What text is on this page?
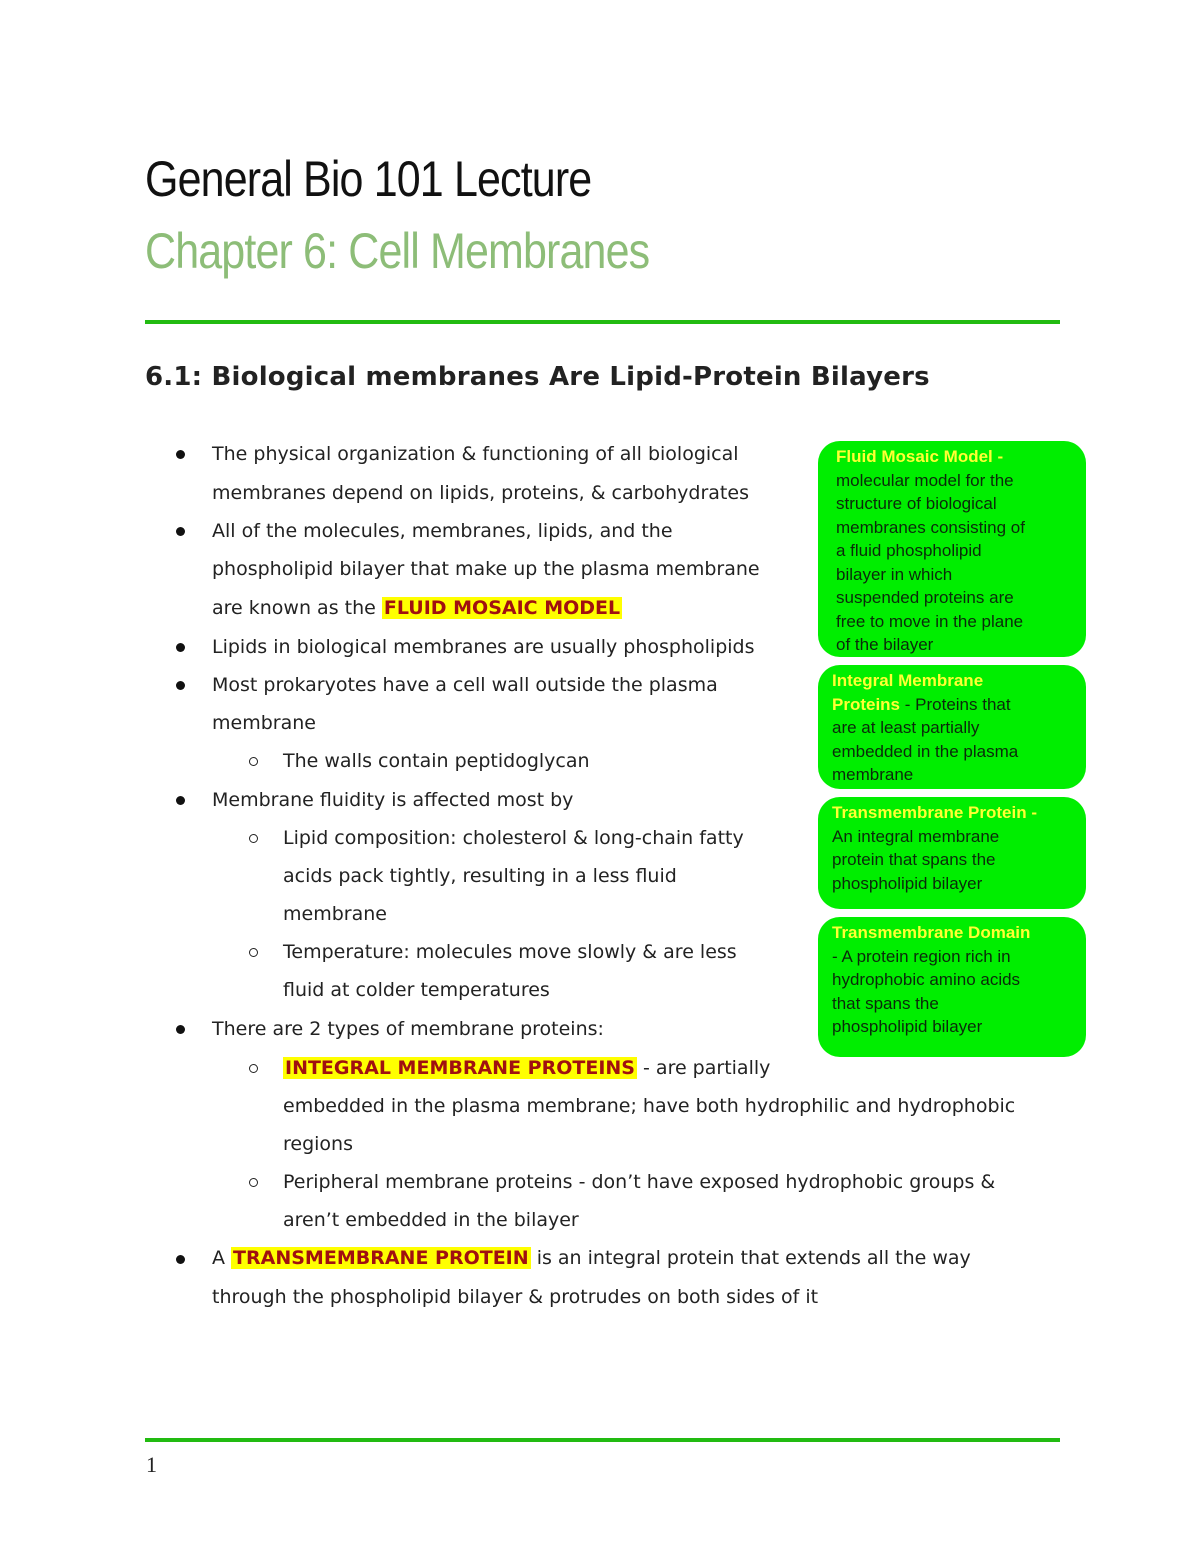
General Bio 101 Lecture
Chapter 6: Cell Membranes
6.1: Biological membranes Are Lipid-Protein Bilayers
The physical organization & functioning of all biological
membranes depend on lipids, proteins, & carbohydrates
All of the molecules, membranes, lipids, and the
phospholipid bilayer that make up the plasma membrane
are known as the FLUID MOSAIC MODEL
Lipids in biological membranes are usually phospholipids
Most prokaryotes have a cell wall outside the plasma
membrane
The walls contain peptidoglycan
Membrane fluidity is affected most by
Lipid composition: cholesterol & long-chain fatty
acids pack tightly, resulting in a less fluid
membrane
Temperature: molecules move slowly & are less
fluid at colder temperatures
There are 2 types of membrane proteins:
INTEGRAL MEMBRANE PROTEINS - are partially
embedded in the plasma membrane; have both hydrophilic and hydrophobic
regions
Peripheral membrane proteins - don’t have exposed hydrophobic groups &
aren’t embedded in the bilayer
A TRANSMEMBRANE PROTEIN is an integral protein that extends all the way
through the phospholipid bilayer & protrudes on both sides of it
Fluid Mosaic Model -
molecular model for the
structure of biological
membranes consisting of
a fluid phospholipid
bilayer in which
suspended proteins are
free to move in the plane
of the bilayer
Integral Membrane
Proteins - Proteins that
are at least partially
embedded in the plasma
membrane
Transmembrane Protein -
An integral membrane
protein that spans the
phospholipid bilayer
Transmembrane Domain
- A protein region rich in
hydrophobic amino acids
that spans the
phospholipid bilayer
1
